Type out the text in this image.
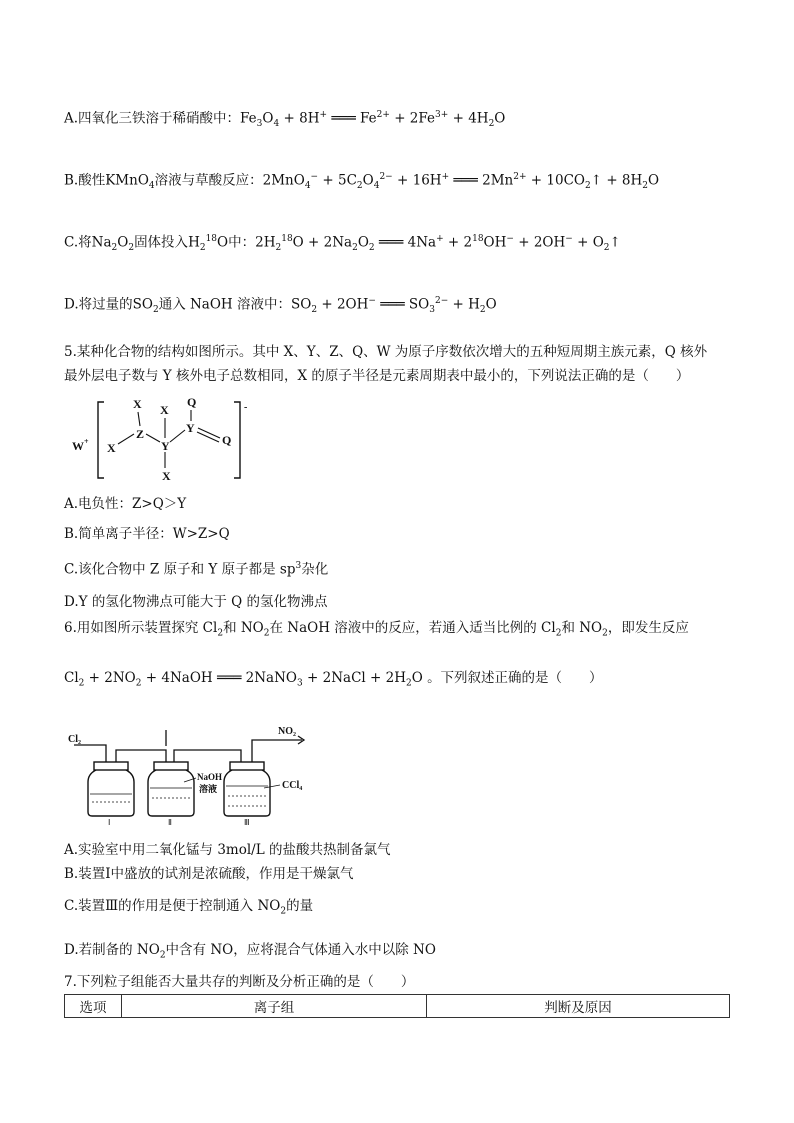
A.四氧化三铁溶于稀硝酸中：$Fe_3O_4 + 8H^+$ ═══ $Fe^{2+} + 2Fe^{3+} + 4H_2O$
B.酸性KMnO$_4$溶液与草酸反应：$2MnO_4^- + 5C_2O_4^{2-} + 16H^+$ ═══ $2Mn^{2+}$ + $10CO_2↑ + 8H_2O$
C.将$Na_2O_2$固体投入$H_2^{18}O$中：$2H_2^{18}O + 2Na_2O_2$ ═══ $4Na^+ + 2^{18}OH^- + 2OH^-$ + $O_2↑$
D.将过量的$SO_2$通入 NaOH 溶液中：$SO_2 + 2OH^-$ ═══ $SO_3^{2-} + H_2O$
5.某种化合物的结构如图所示。其中 X、Y、Z、Q、W 为原子序数依次增大的五种短周期主族元素，Q 核外
最外层电子数与 Y 核外电子总数相同，X 的原子半径是元素周期表中最小的，下列说法正确的是（　　）
W+
-
X
X
Z
X
Y
X
Y
Q
Q
A.电负性：Z>Q＞Y
B.简单离子半径：W>Z>Q
C.该化合物中 Z 原子和 Y 原子都是 $sp^3$杂化
D.Y 的氢化物沸点可能大于 Q 的氢化物沸点
6.用如图所示装置探究 $Cl_2$和 $NO_2$在 NaOH 溶液中的反应，若通入适当比例的 $Cl_2$和 $NO_2$，即发生反应
$Cl_2 + 2NO_2$ + 4NaOH ═══ 2NaNO$_3$ + 2NaCl + $2H_2O$ 。下列叙述正确的是（　　）
Cl₂
NO₂
NaOH
溶液	CCl₄
Ⅰ	Ⅱ	Ⅲ
A.实验室中用二氧化锰与 3mol/L 的盐酸共热制备氯气
B.装置Ⅰ中盛放的试剂是浓硫酸，作用是干燥氯气
C.装置Ⅲ的作用是便于控制通入 $NO_2$的量
D.若制备的 $NO_2$中含有 NO，应将混合气体通入水中以除 NO
7.下列粒子组能否大量共存的判断及分析正确的是（　　）
选项	离子组	判断及原因
